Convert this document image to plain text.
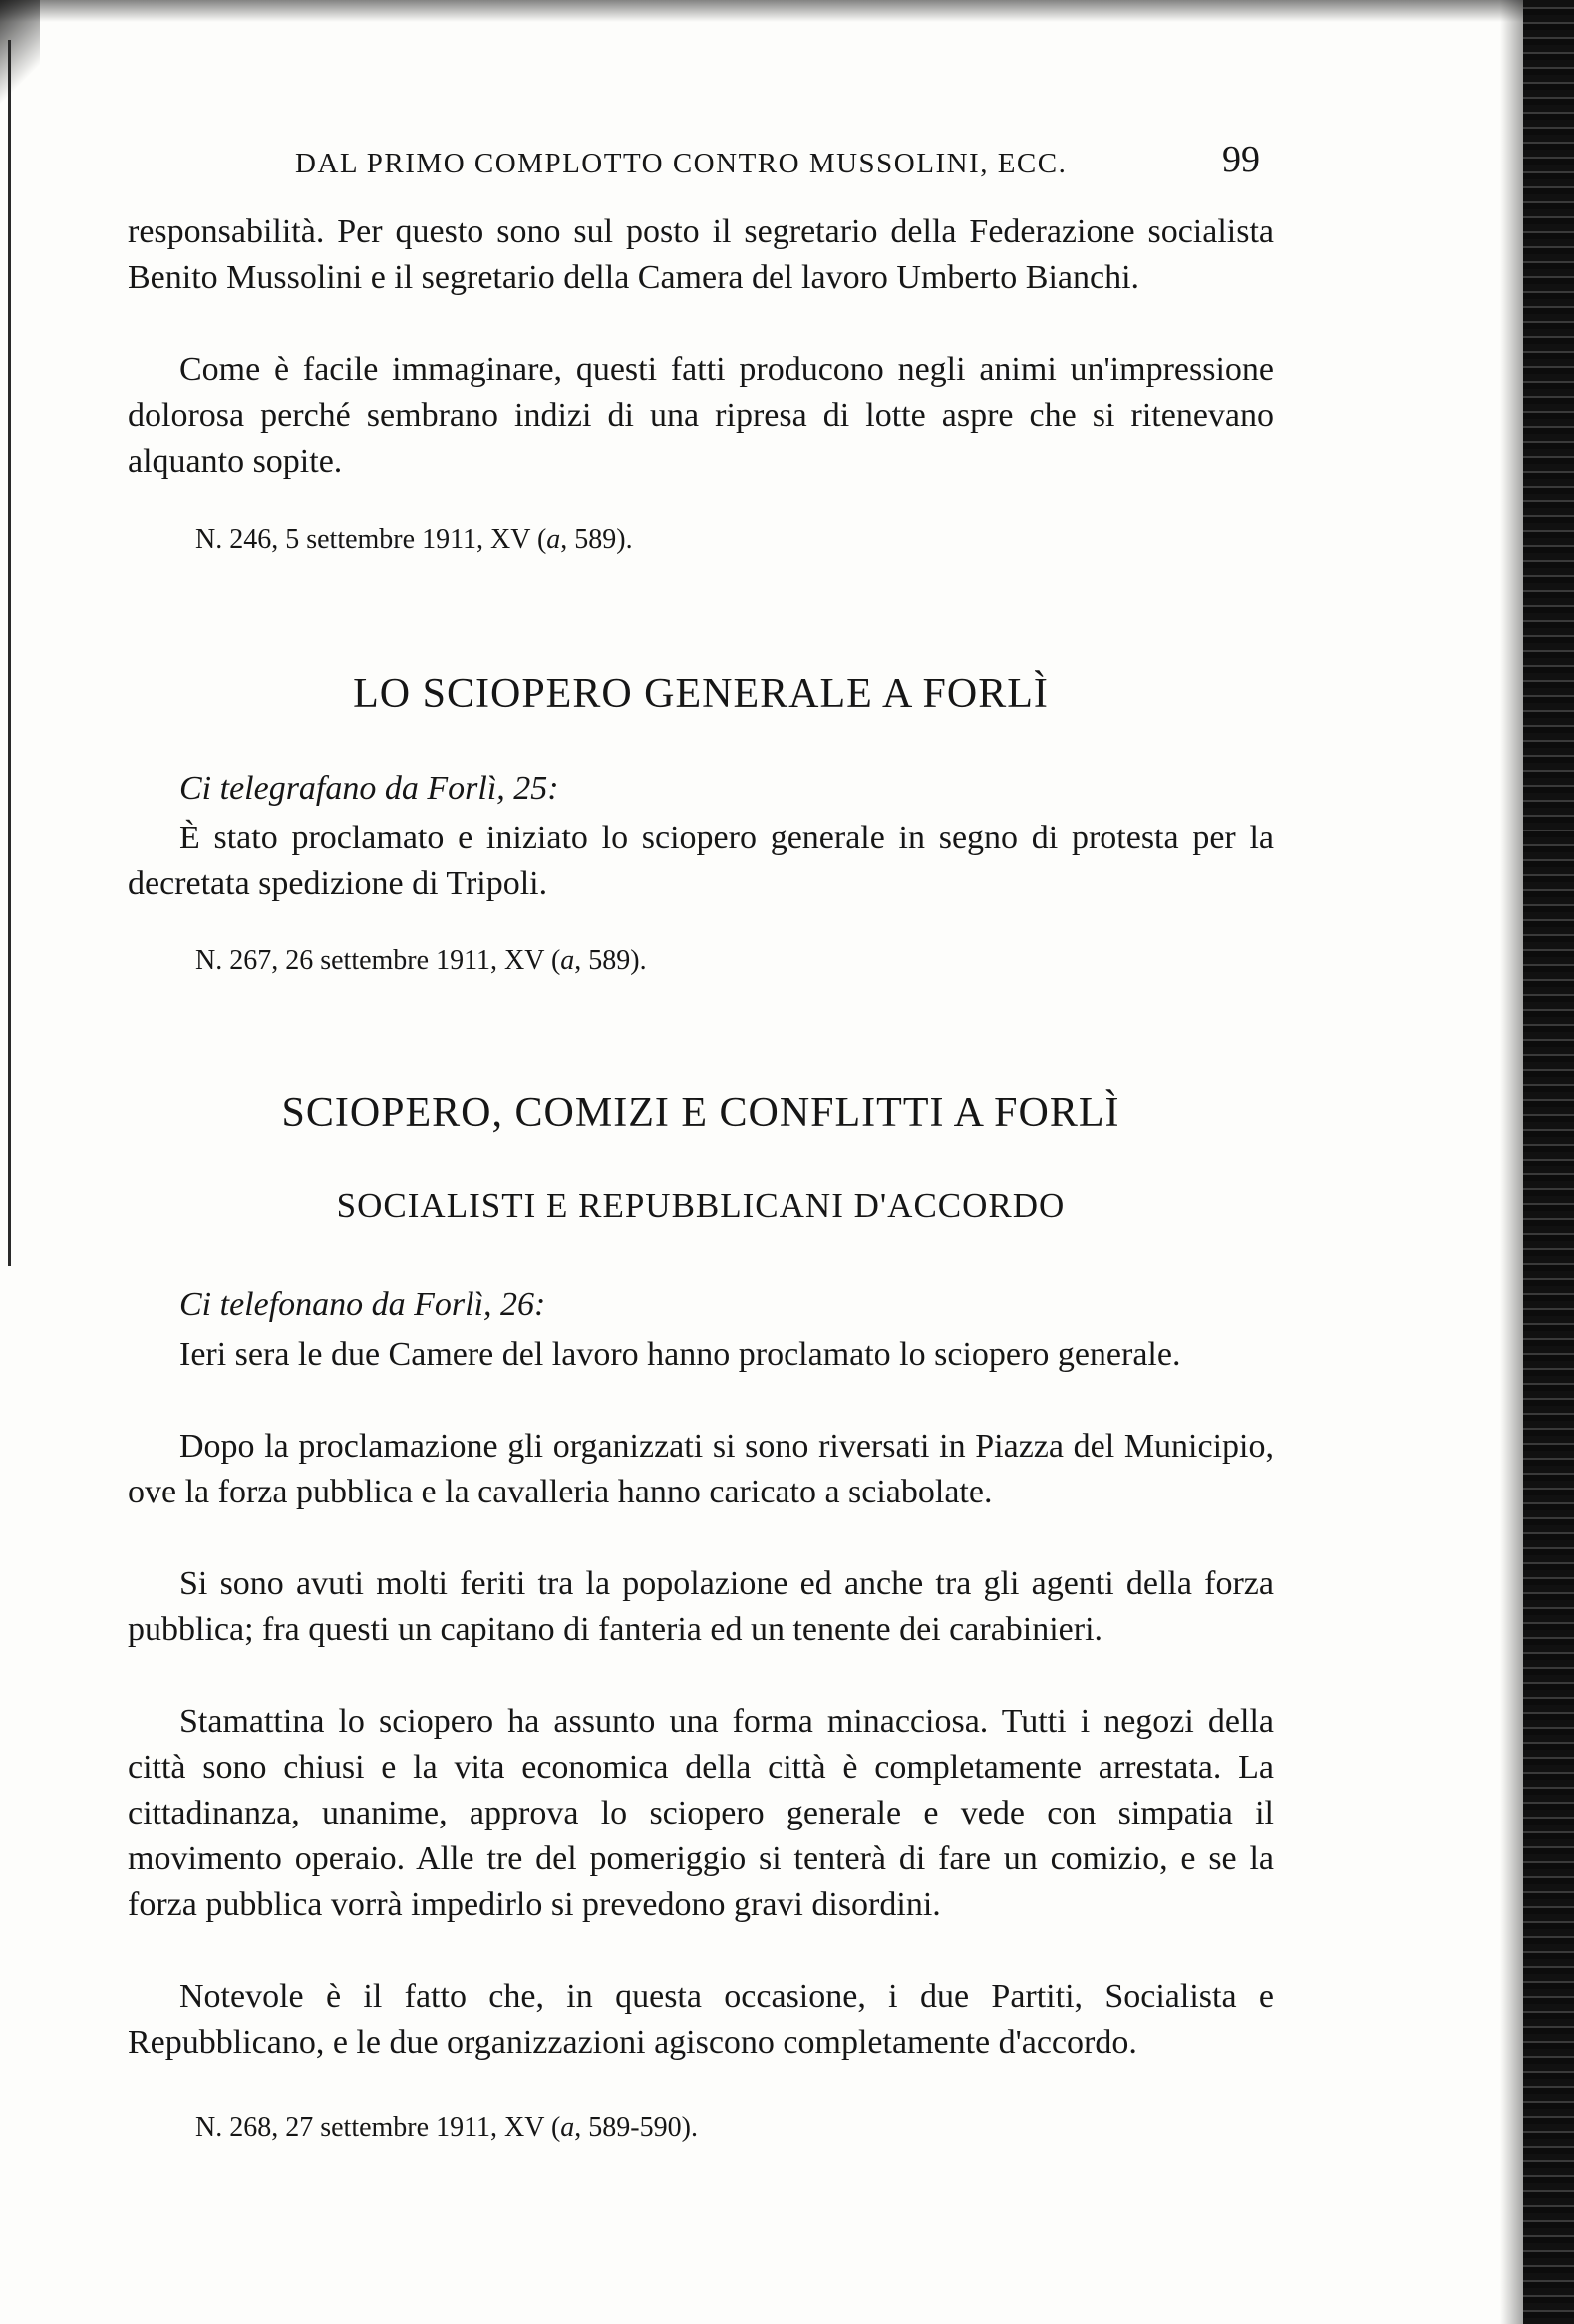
DAL PRIMO COMPLOTTO CONTRO MUSSOLINI, ECC.	99
responsabilità. Per questo sono sul posto il segretario della Federazione socialista Benito Mussolini e il segretario della Camera del lavoro Umberto Bianchi.
Come è facile immaginare, questi fatti producono negli animi un'impressione dolorosa perché sembrano indizi di una ripresa di lotte aspre che si ritenevano alquanto sopite.
N. 246, 5 settembre 1911, XV (a, 589).
LO SCIOPERO GENERALE A FORLÌ
Ci telegrafano da Forlì, 25:
È stato proclamato e iniziato lo sciopero generale in segno di protesta per la decretata spedizione di Tripoli.
N. 267, 26 settembre 1911, XV (a, 589).
SCIOPERO, COMIZI E CONFLITTI A FORLÌ
SOCIALISTI E REPUBBLICANI D'ACCORDO
Ci telefonano da Forlì, 26:
Ieri sera le due Camere del lavoro hanno proclamato lo sciopero generale.
Dopo la proclamazione gli organizzati si sono riversati in Piazza del Municipio, ove la forza pubblica e la cavalleria hanno caricato a sciabolate.
Si sono avuti molti feriti tra la popolazione ed anche tra gli agenti della forza pubblica; fra questi un capitano di fanteria ed un tenente dei carabinieri.
Stamattina lo sciopero ha assunto una forma minacciosa. Tutti i negozi della città sono chiusi e la vita economica della città è completamente arrestata. La cittadinanza, unanime, approva lo sciopero generale e vede con simpatia il movimento operaio. Alle tre del pomeriggio si tenterà di fare un comizio, e se la forza pubblica vorrà impedirlo si prevedono gravi disordini.
Notevole è il fatto che, in questa occasione, i due Partiti, Socialista e Repubblicano, e le due organizzazioni agiscono completamente d'accordo.
N. 268, 27 settembre 1911, XV (a, 589-590).
